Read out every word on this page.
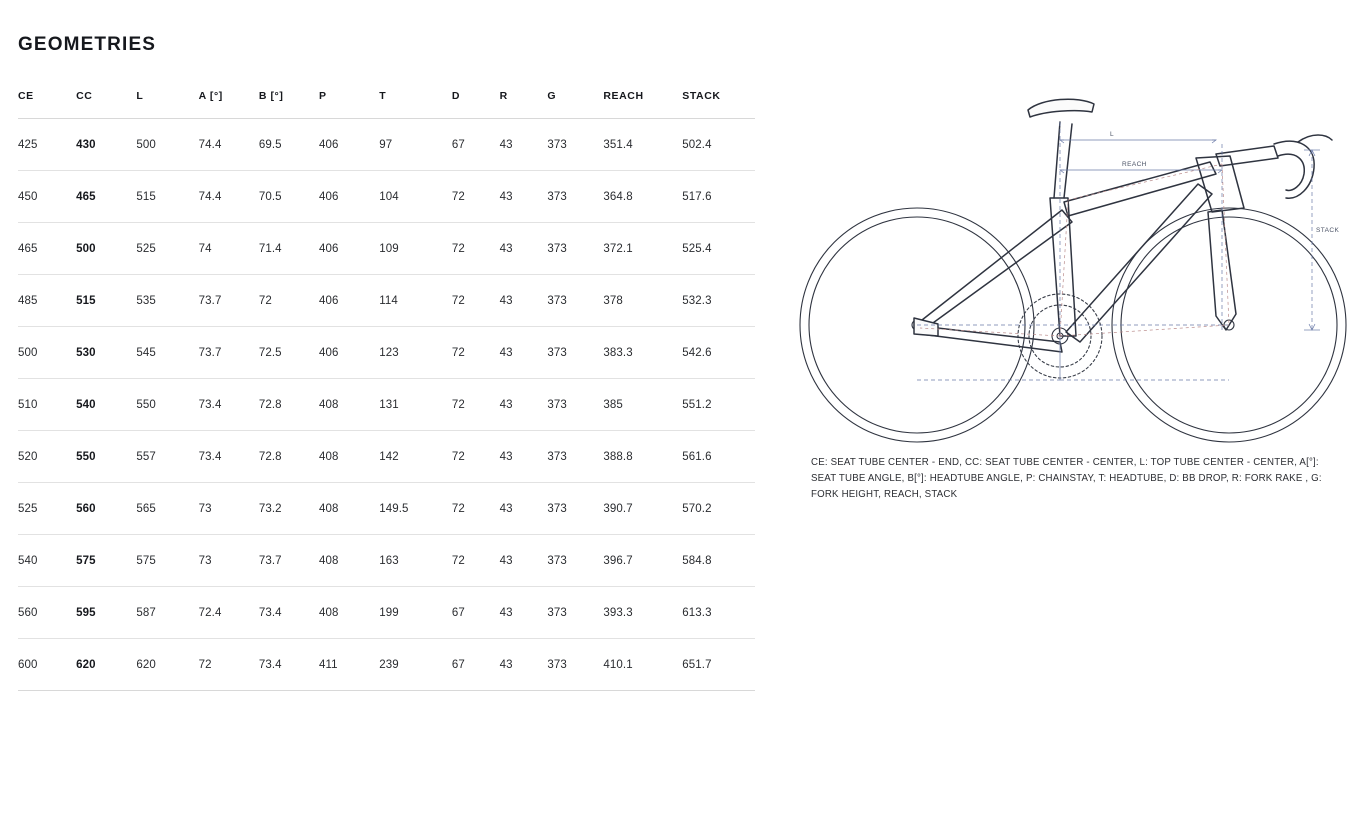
GEOMETRIES
CE	CC	L	A [°]	B [°]	P	T	D	R	G	REACH	STACK
425	430	500	74.4	69.5	406	97	67	43	373	351.4	502.4
450	465	515	74.4	70.5	406	104	72	43	373	364.8	517.6
465	500	525	74	71.4	406	109	72	43	373	372.1	525.4
485	515	535	73.7	72	406	114	72	43	373	378	532.3
500	530	545	73.7	72.5	406	123	72	43	373	383.3	542.6
510	540	550	73.4	72.8	408	131	72	43	373	385	551.2
520	550	557	73.4	72.8	408	142	72	43	373	388.8	561.6
525	560	565	73	73.2	408	149.5	72	43	373	390.7	570.2
540	575	575	73	73.7	408	163	72	43	373	396.7	584.8
560	595	587	72.4	73.4	408	199	67	43	373	393.3	613.3
600	620	620	72	73.4	411	239	67	43	373	410.1	651.7
L
REACH
STACK
CE: SEAT TUBE CENTER - END, CC: SEAT TUBE CENTER - CENTER, L: TOP TUBE CENTER - CENTER, A[°]: SEAT TUBE ANGLE, B[°]: HEADTUBE ANGLE, P: CHAINSTAY, T: HEADTUBE, D: BB DROP, R: FORK RAKE , G: FORK HEIGHT, REACH, STACK
